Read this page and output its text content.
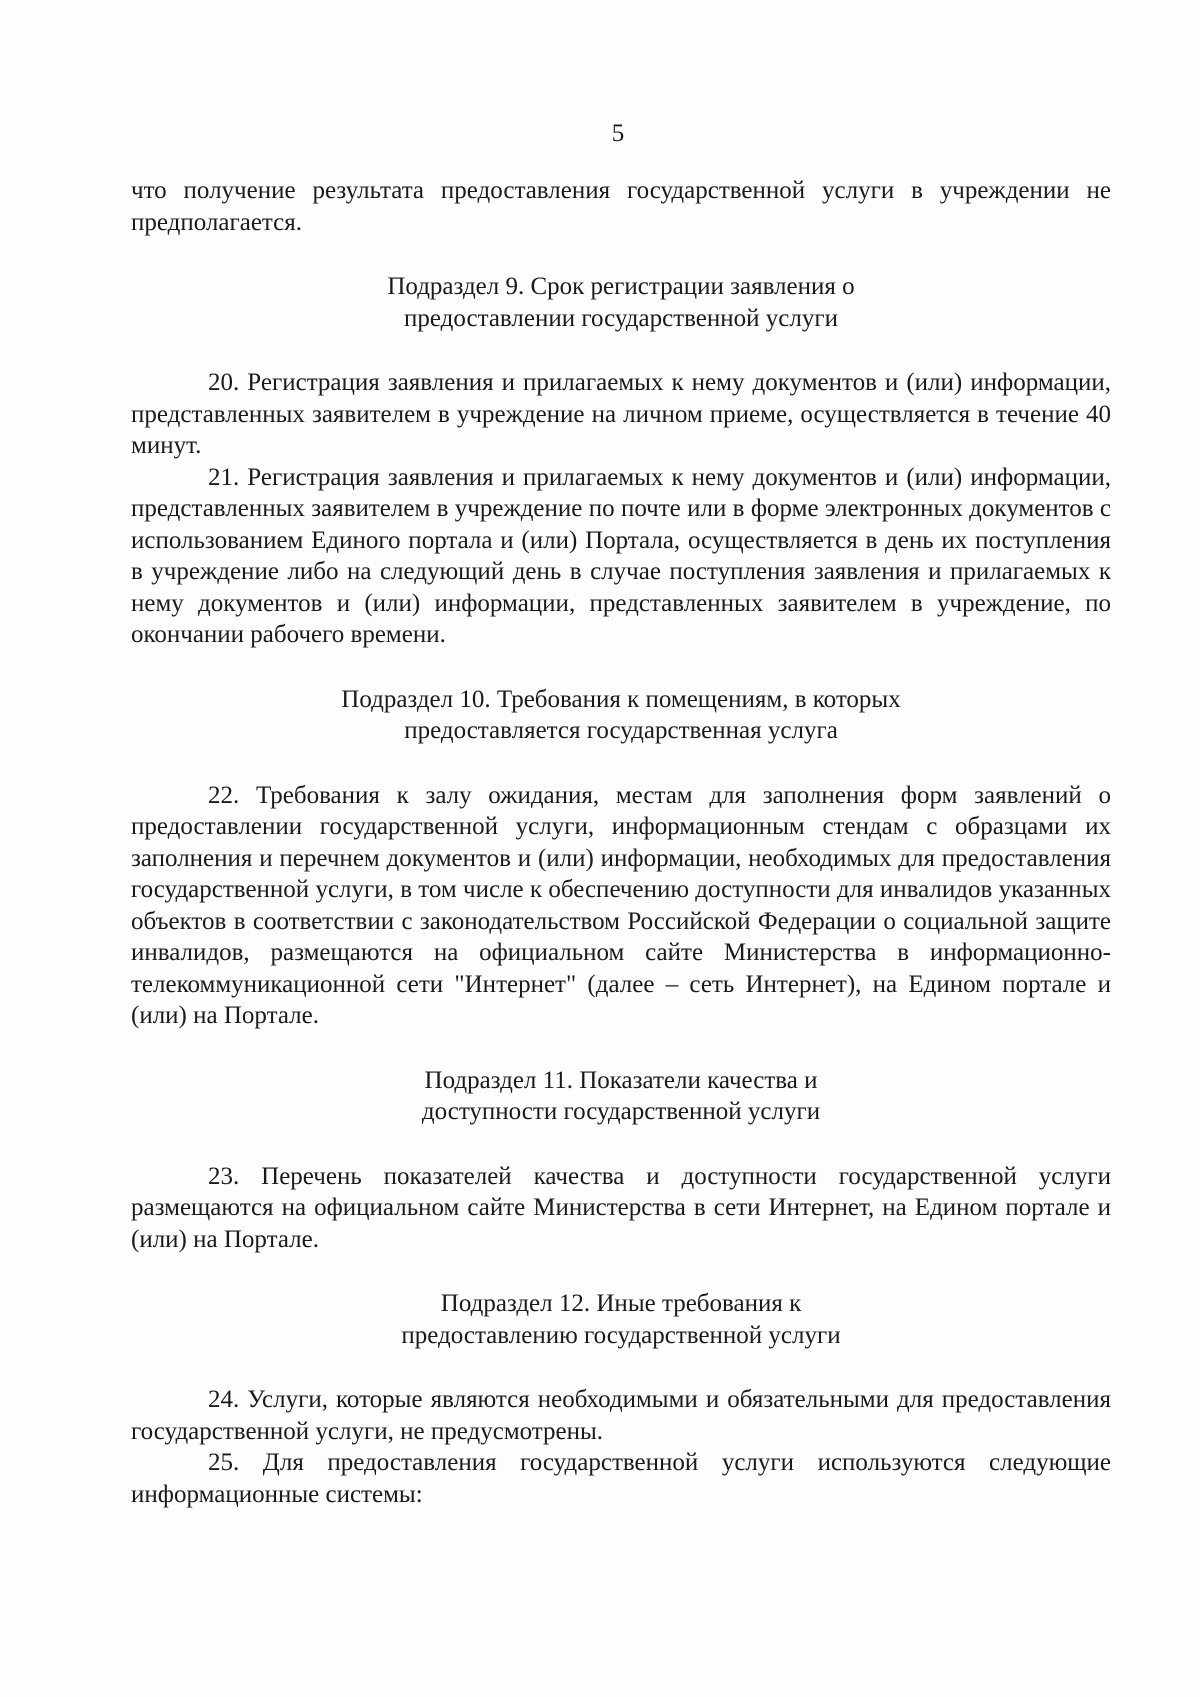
5

что получение результата предоставления государственной услуги в учреждении не предполагается.

Подраздел 9. Срок регистрации заявления о предоставлении государственной услуги

20. Регистрация заявления и прилагаемых к нему документов и (или) информации, представленных заявителем в учреждение на личном приеме, осуществляется в течение 40 минут.

21. Регистрация заявления и прилагаемых к нему документов и (или) информации, представленных заявителем в учреждение по почте или в форме электронных документов с использованием Единого портала и (или) Портала, осуществляется в день их поступления в учреждение либо на следующий день в случае поступления заявления и прилагаемых к нему документов и (или) информации, представленных заявителем в учреждение, по окончании рабочего времени.

Подраздел 10. Требования к помещениям, в которых предоставляется государственная услуга

22. Требования к залу ожидания, местам для заполнения форм заявлений о предоставлении государственной услуги, информационным стендам с образцами их заполнения и перечнем документов и (или) информации, необходимых для предоставления государственной услуги, в том числе к обеспечению доступности для инвалидов указанных объектов в соответствии с законодательством Российской Федерации о социальной защите инвалидов, размещаются на официальном сайте Министерства в информационно-телекоммуникационной сети "Интернет" (далее – сеть Интернет), на Едином портале и (или) на Портале.

Подраздел 11. Показатели качества и доступности государственной услуги

23. Перечень показателей качества и доступности государственной услуги размещаются на официальном сайте Министерства в сети Интернет, на Едином портале и (или) на Портале.

Подраздел 12. Иные требования к предоставлению государственной услуги

24. Услуги, которые являются необходимыми и обязательными для предоставления государственной услуги, не предусмотрены.

25. Для предоставления государственной услуги используются следующие информационные системы:
